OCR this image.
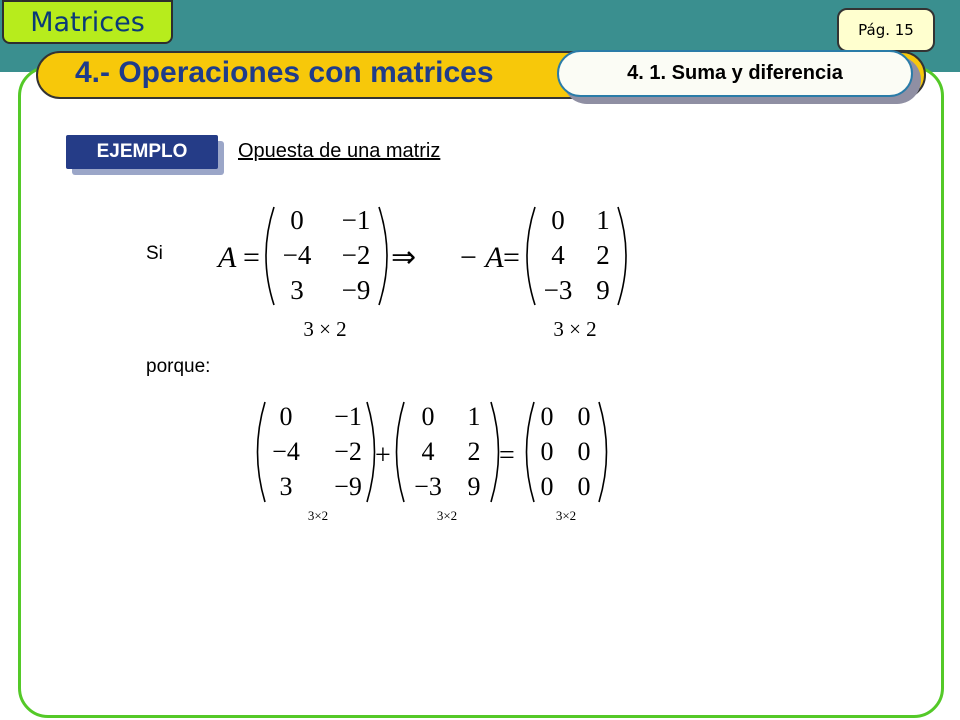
Matrices	Pág. 15
4.- Operaciones con matrices	4. 1. Suma y diferencia
EJEMPLO	Opuesta de una matriz
Si
porque:
A =
0 −1
−4 −2
3 −9
⇒ − A =
0 1
4 2
−3 9
3 × 2	3 × 2
0 −1
−4 −2
3 −9
+
0 1
4 2
−3 9
=
0 0
0 0
0 0
3×2	3×2	3×2
